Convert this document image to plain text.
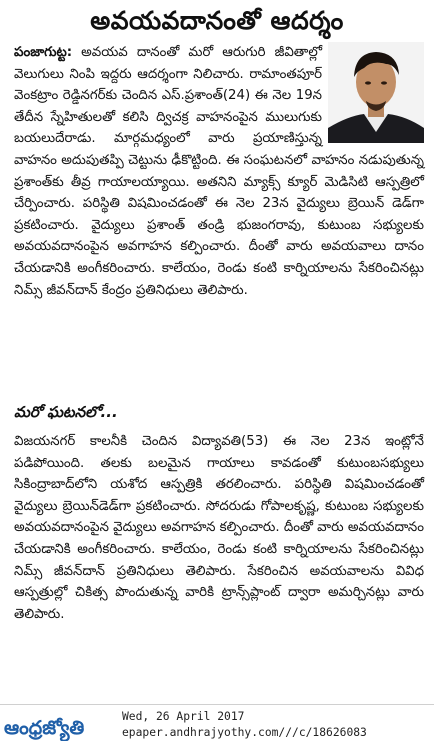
అవయవదానంతో ఆదర్శం
పంజాగుట్ట: అవయవ దానంతో మరో ఆరుగురి జీవితాల్లో వెలుగులు నింపి ఇద్దరు ఆదర్శంగా నిలిచారు. రామాంతపూర్ వెంకట్రాం రెడ్డినగర్‌కు చెందిన ఎస్.ప్రశాంత్(24) ఈ నెల 19న తేదీన స్నేహితులతో కలిసి ద్విచక్ర వాహనంపైన ములుగుకు బయలుదేరాడు. మార్గమధ్యంలో వారు ప్రయాణిస్తున్న వాహనం అదుపుతప్పి చెట్టును ఢీకొట్టింది. ఈ సంఘటనలో వాహనం నడుపుతున్న ప్రశాంత్‌కు తీవ్ర గాయాలయ్యాయి. అతనిని మ్యాక్స్ క్యూర్ మెడిసిటి ఆస్పత్రిలో చేర్పించారు. పరిస్థితి విషమించడంతో ఈ నెల 23న వైద్యులు బ్రెయిన్ డెడ్‌గా ప్రకటించారు. వైద్యులు ప్రశాంత్ తండ్రి భుజంగరావు, కుటుంబ సభ్యులకు అవయవదానంపైన అవగాహన కల్పించారు. దీంతో వారు అవయవాలు దానం చేయడానికి అంగీకరించారు. కాలేయం, రెండు కంటి కార్నియాలను సేకరించినట్లు నిమ్స్ జీవన్‌దాన్ కేంద్రం ప్రతినిధులు తెలిపారు.
మరో ఘటనలో...
విజయనగర్ కాలనీకి చెందిన విద్యావతి(53) ఈ నెల 23న ఇంట్లోనే పడిపోయింది. తలకు బలమైన గాయాలు కావడంతో కుటుంబసభ్యులు సికింద్రాబాద్‌లోని యశోద ఆస్పత్రికి తరలించారు. పరిస్థితి విషమించడంతో వైద్యులు బ్రెయిన్‌డెడ్‌గా ప్రకటించారు. సోదరుడు గోపాలకృష్ణ, కుటుంబ సభ్యులకు అవయవదానంపైన వైద్యులు అవగాహన కల్పించారు. దీంతో వారు అవయవదానం చేయడానికి అంగీకరించారు. కాలేయం, రెండు కంటి కార్నియాలను సేకరించినట్లు నిమ్స్ జీవన్‌దాన్ ప్రతినిధులు తెలిపారు. సేకరించిన అవయవాలను వివిధ ఆస్పత్రుల్లో చికిత్స పొందుతున్న వారికి ట్రాన్స్‌ప్లాంట్ ద్వారా అమర్చినట్లు వారు తెలిపారు.
ఆంధ్రజ్యోతి
Wed, 26 April 2017
epaper.andhrajyothy.com///c/18626083
